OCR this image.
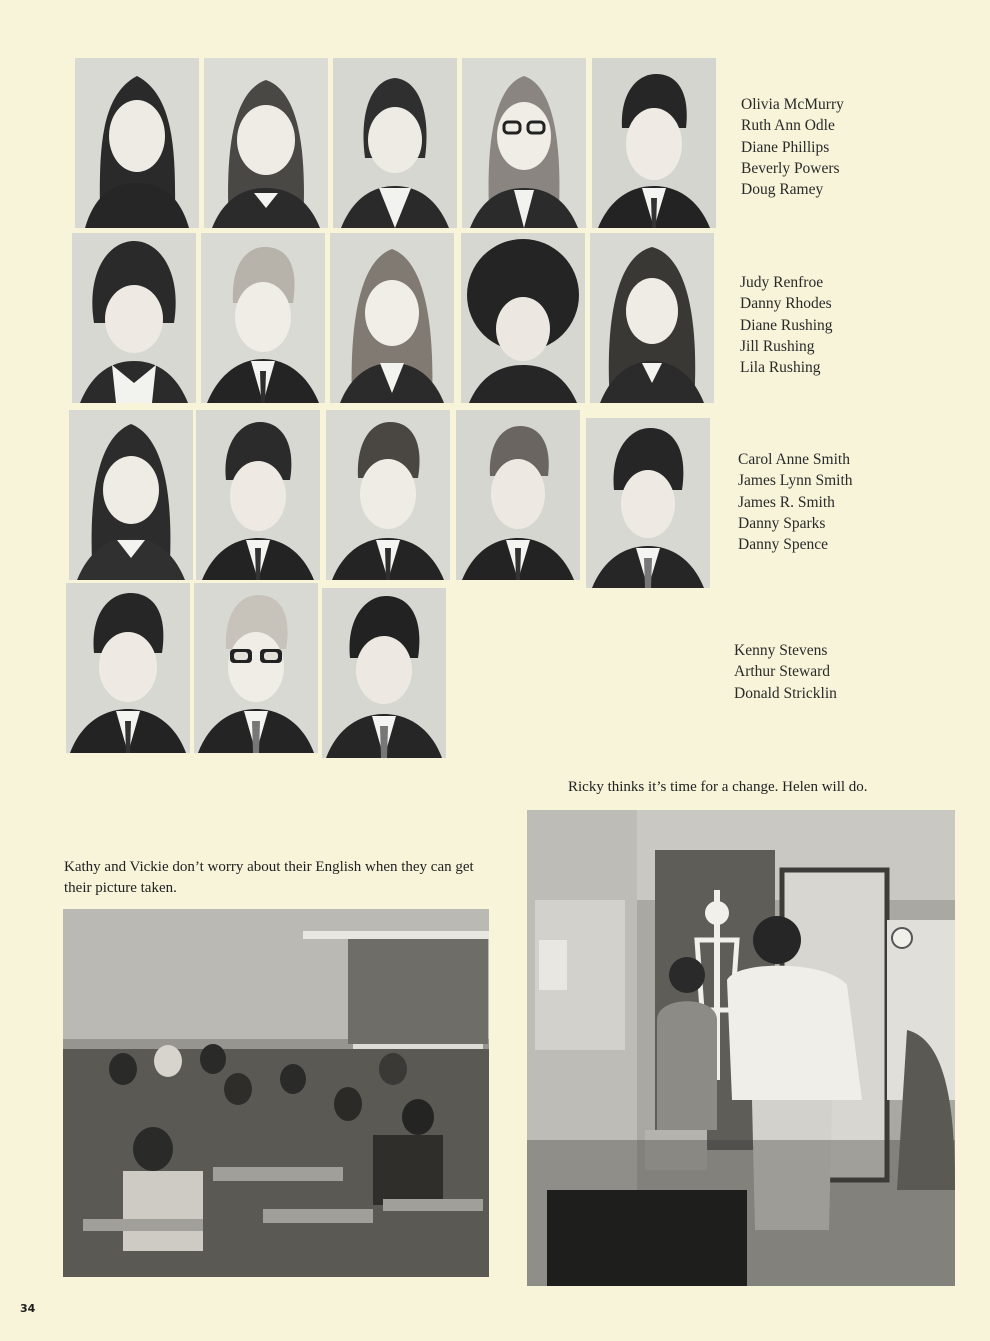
Olivia McMurry
Ruth Ann Odle
Diane Phillips
Beverly Powers
Doug Ramey
Judy Renfroe
Danny Rhodes
Diane Rushing
Jill Rushing
Lila Rushing
Carol Anne Smith
James Lynn Smith
James R. Smith
Danny Sparks
Danny Spence
Kenny Stevens
Arthur Steward
Donald Stricklin
Ricky thinks it’s time for a change. Helen will do.
Kathy and Vickie don’t worry about their English when they can get their picture taken.
34
